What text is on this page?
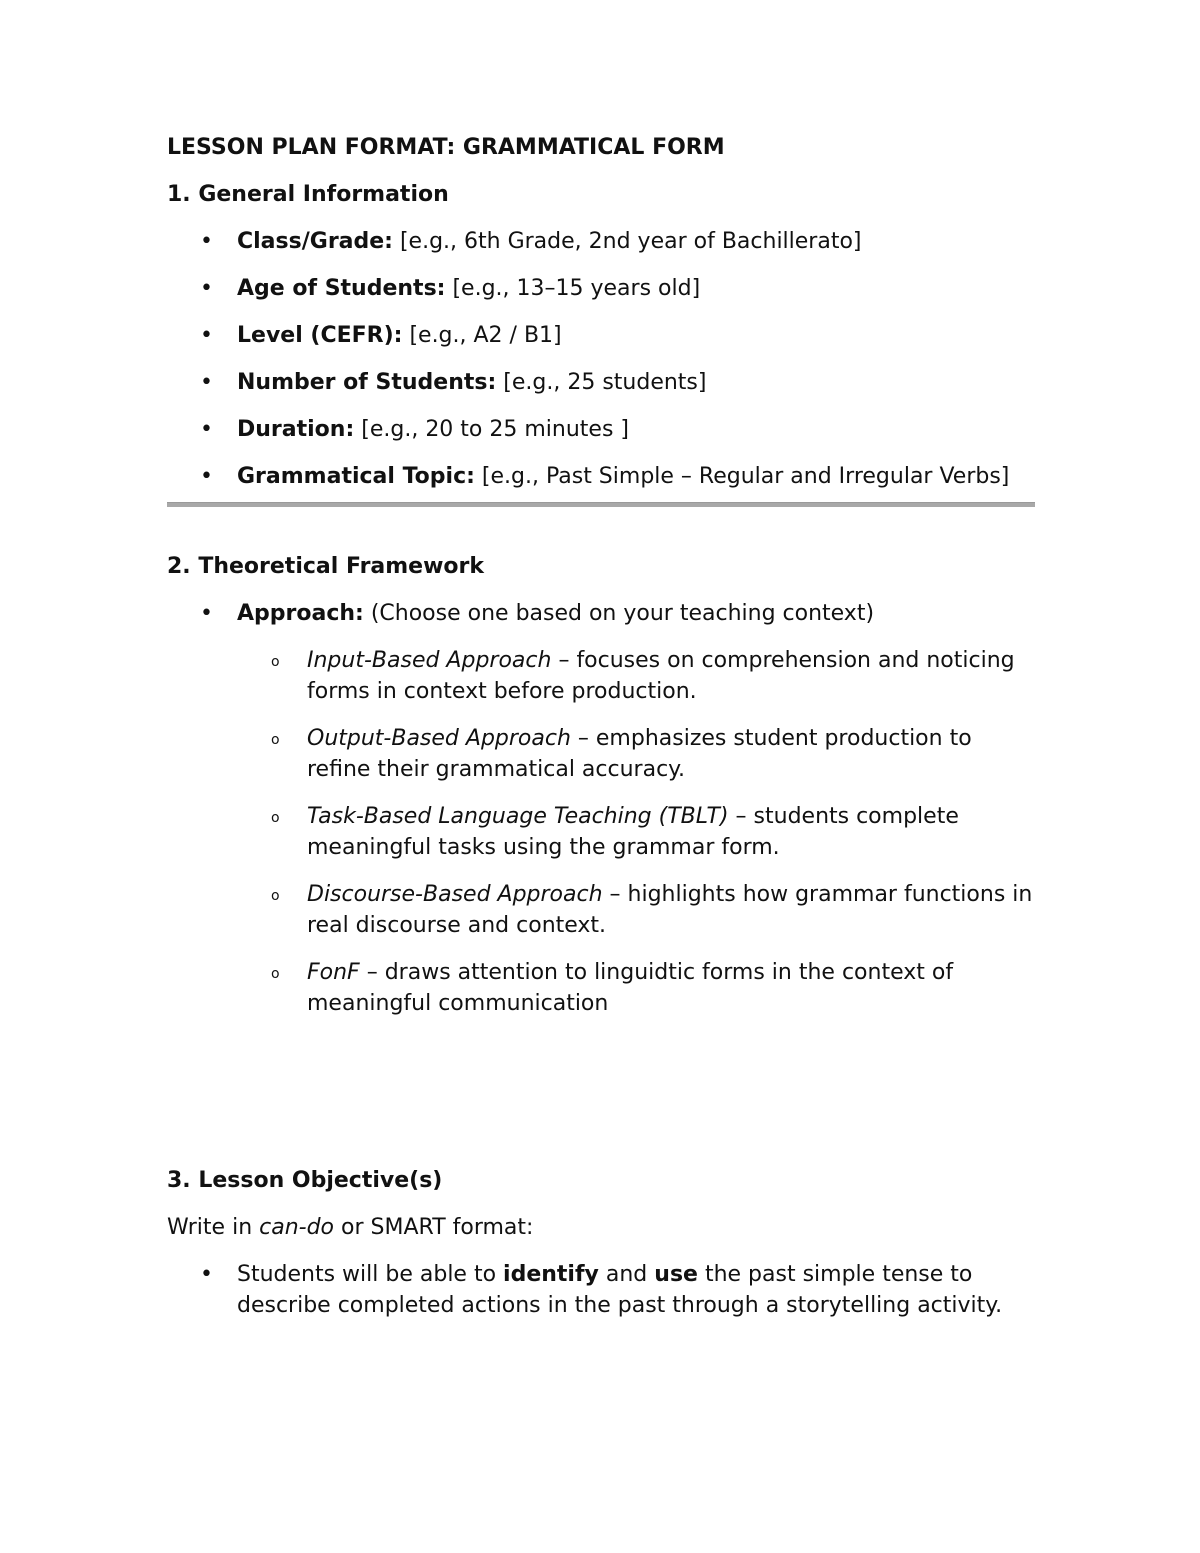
LESSON PLAN FORMAT: GRAMMATICAL FORM

1. General Information

• Class/Grade: [e.g., 6th Grade, 2nd year of Bachillerato]
• Age of Students: [e.g., 13–15 years old]
• Level (CEFR): [e.g., A2 / B1]
• Number of Students: [e.g., 25 students]
• Duration: [e.g., 20 to 25 minutes ]
• Grammatical Topic: [e.g., Past Simple – Regular and Irregular Verbs]

2. Theoretical Framework

• Approach: (Choose one based on your teaching context)
o Input-Based Approach – focuses on comprehension and noticing forms in context before production.
o Output-Based Approach – emphasizes student production to refine their grammatical accuracy.
o Task-Based Language Teaching (TBLT) – students complete meaningful tasks using the grammar form.
o Discourse-Based Approach – highlights how grammar functions in real discourse and context.
o FonF – draws attention to linguidtic forms in the context of meaningful communication

3. Lesson Objective(s)

Write in can-do or SMART format:

• Students will be able to identify and use the past simple tense to describe completed actions in the past through a storytelling activity.
